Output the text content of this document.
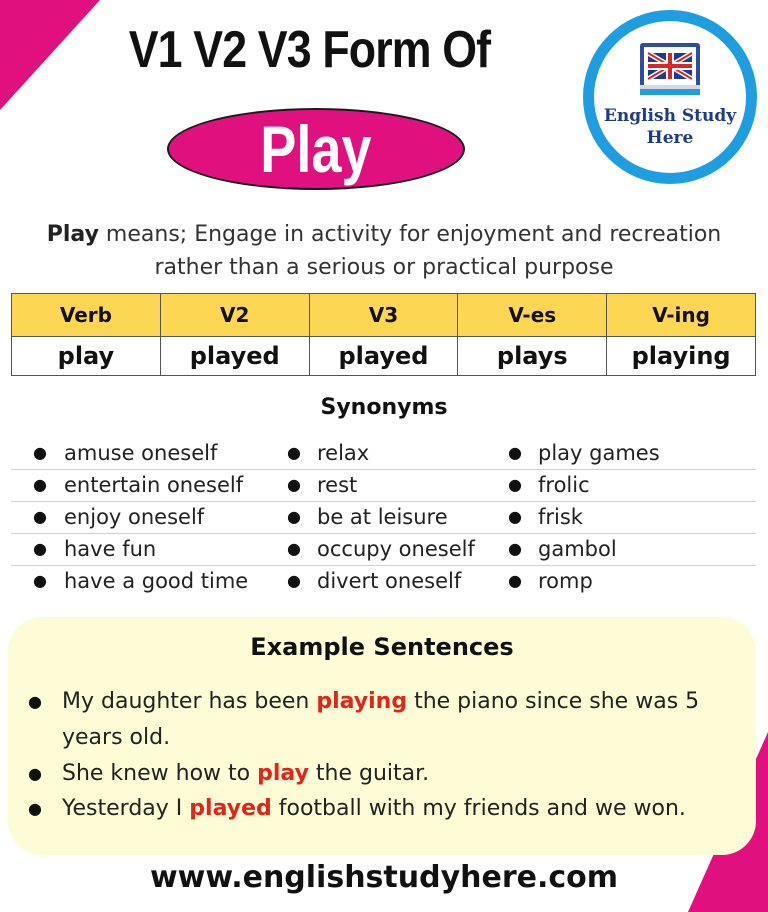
V1 V2 V3 Form Of
Play	English Study
Here
Play means; Engage in activity for enjoyment and recreation
rather than a serious or practical purpose
Verb	V2	V3	V-es	V-ing
play	played	played	plays	playing
Synonyms
● amuse oneself	● relax	● play games
● entertain oneself	● rest	● frolic
● enjoy oneself	● be at leisure	● frisk
● have fun	● occupy oneself ● gambol
● have a good time ● divert oneself	● romp
Example Sentences
● My daughter has been playing the piano since she was 5
years old.
● She knew how to play the guitar.
● Yesterday I played football with my friends and we won.
www.englishstudyhere.com
